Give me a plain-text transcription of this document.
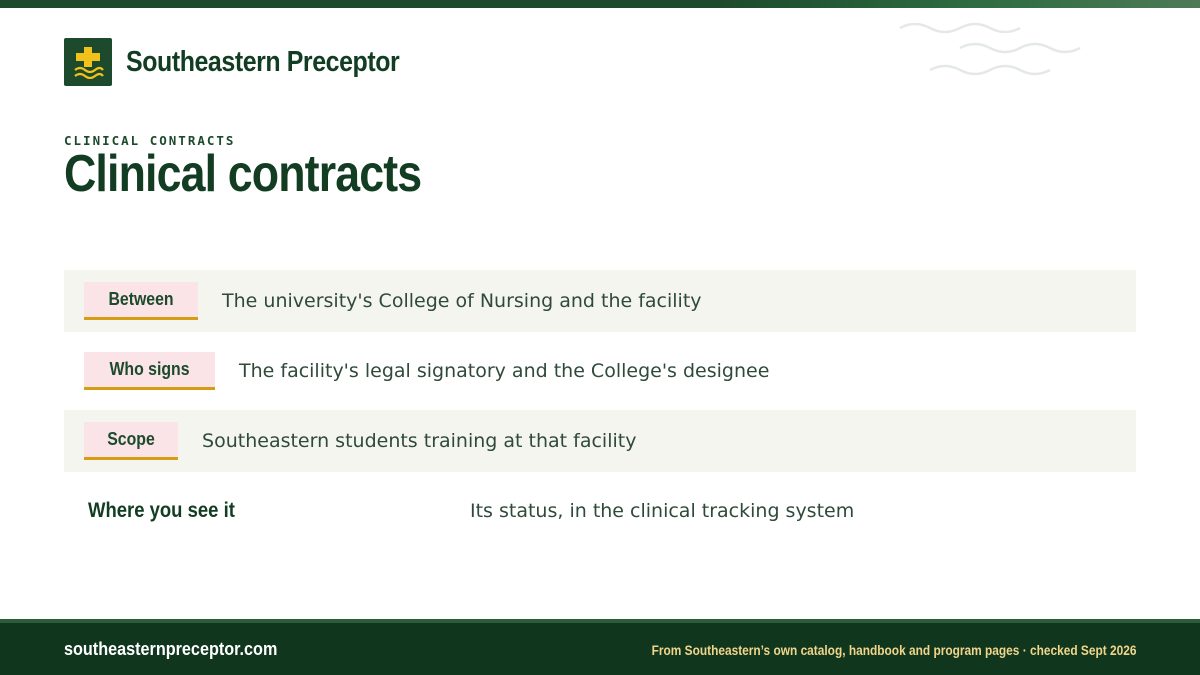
Southeastern Preceptor
CLINICAL CONTRACTS
Clinical contracts
Between	The university's College of Nursing and the facility
Who signs	The facility's legal signatory and the College's designee
Scope Southeastern students training at that facility
Where you see it	Its status, in the clinical tracking system
southeasternpreceptor.com	From Southeastern’s own catalog, handbook and program pages · checked Sept 2026
